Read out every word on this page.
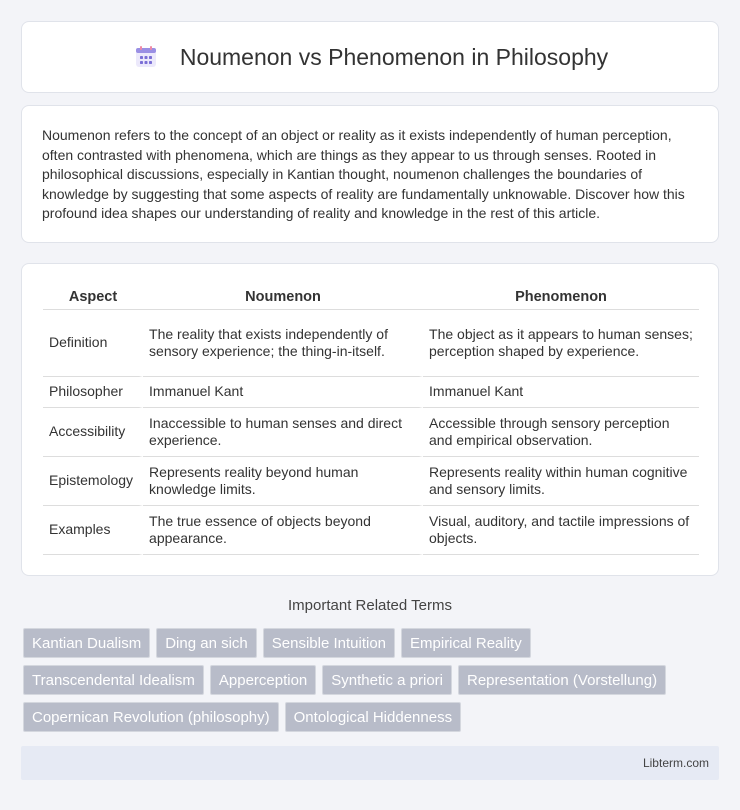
Noumenon vs Phenomenon in Philosophy

Noumenon refers to the concept of an object or reality as it exists independently of human perception, often contrasted with phenomena, which are things as they appear to us through senses. Rooted in philosophical discussions, especially in Kantian thought, noumenon challenges the boundaries of knowledge by suggesting that some aspects of reality are fundamentally unknowable. Discover how this profound idea shapes our understanding of reality and knowledge in the rest of this article.

Aspect	Noumenon	Phenomenon
Definition	The reality that exists independently of sensory experience; the thing-in-itself.	The object as it appears to human senses; perception shaped by experience.
Philosopher	Immanuel Kant	Immanuel Kant
Accessibility	Inaccessible to human senses and direct experience.	Accessible through sensory perception and empirical observation.
Epistemology	Represents reality beyond human knowledge limits.	Represents reality within human cognitive and sensory limits.
Examples	The true essence of objects beyond appearance.	Visual, auditory, and tactile impressions of objects.
Important Related Terms
Kantian Dualism	Ding an sich	Sensible Intuition	Empirical Reality
Transcendental Idealism	Apperception	Synthetic a priori	Representation (Vorstellung)
Copernican Revolution (philosophy)	Ontological Hiddenness
Libterm.com
